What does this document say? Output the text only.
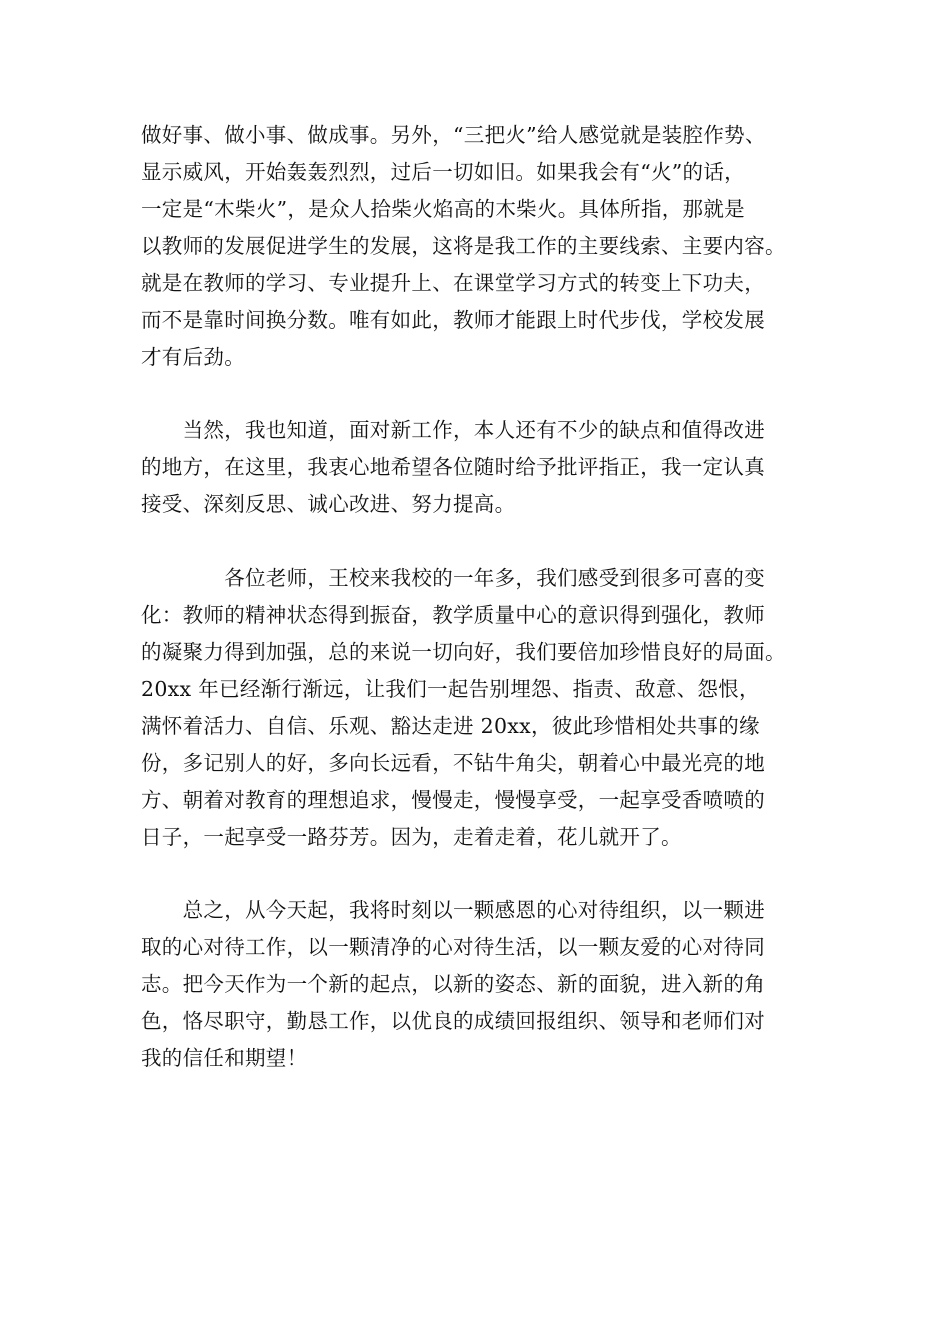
做好事、做小事、做成事。另外，“三把火”给人感觉就是装腔作势、
显示威风，开始轰轰烈烈，过后一切如旧。如果我会有“火”的话，
一定是“木柴火”，是众人拾柴火焰高的木柴火。具体所指，那就是
以教师的发展促进学生的发展，这将是我工作的主要线索、主要内容。
就是在教师的学习、专业提升上、在课堂学习方式的转变上下功夫，
而不是靠时间换分数。唯有如此，教师才能跟上时代步伐，学校发展
才有后劲。
　　当然，我也知道，面对新工作，本人还有不少的缺点和值得改进
的地方，在这里，我衷心地希望各位随时给予批评指正，我一定认真
接受、深刻反思、诚心改进、努力提高。
　　　　各位老师，王校来我校的一年多，我们感受到很多可喜的变
化：教师的精神状态得到振奋，教学质量中心的意识得到强化，教师
的凝聚力得到加强，总的来说一切向好，我们要倍加珍惜良好的局面。
20xx 年已经渐行渐远，让我们一起告别埋怨、指责、敌意、怨恨，
满怀着活力、自信、乐观、豁达走进 20xx，彼此珍惜相处共事的缘
份，多记别人的好，多向长远看，不钻牛角尖，朝着心中最光亮的地
方、朝着对教育的理想追求，慢慢走，慢慢享受，一起享受香喷喷的
日子，一起享受一路芬芳。因为，走着走着，花儿就开了。
　　总之，从今天起，我将时刻以一颗感恩的心对待组织，以一颗进
取的心对待工作，以一颗清净的心对待生活，以一颗友爱的心对待同
志。把今天作为一个新的起点，以新的姿态、新的面貌，进入新的角
色，恪尽职守，勤恳工作，以优良的成绩回报组织、领导和老师们对
我的信任和期望！
